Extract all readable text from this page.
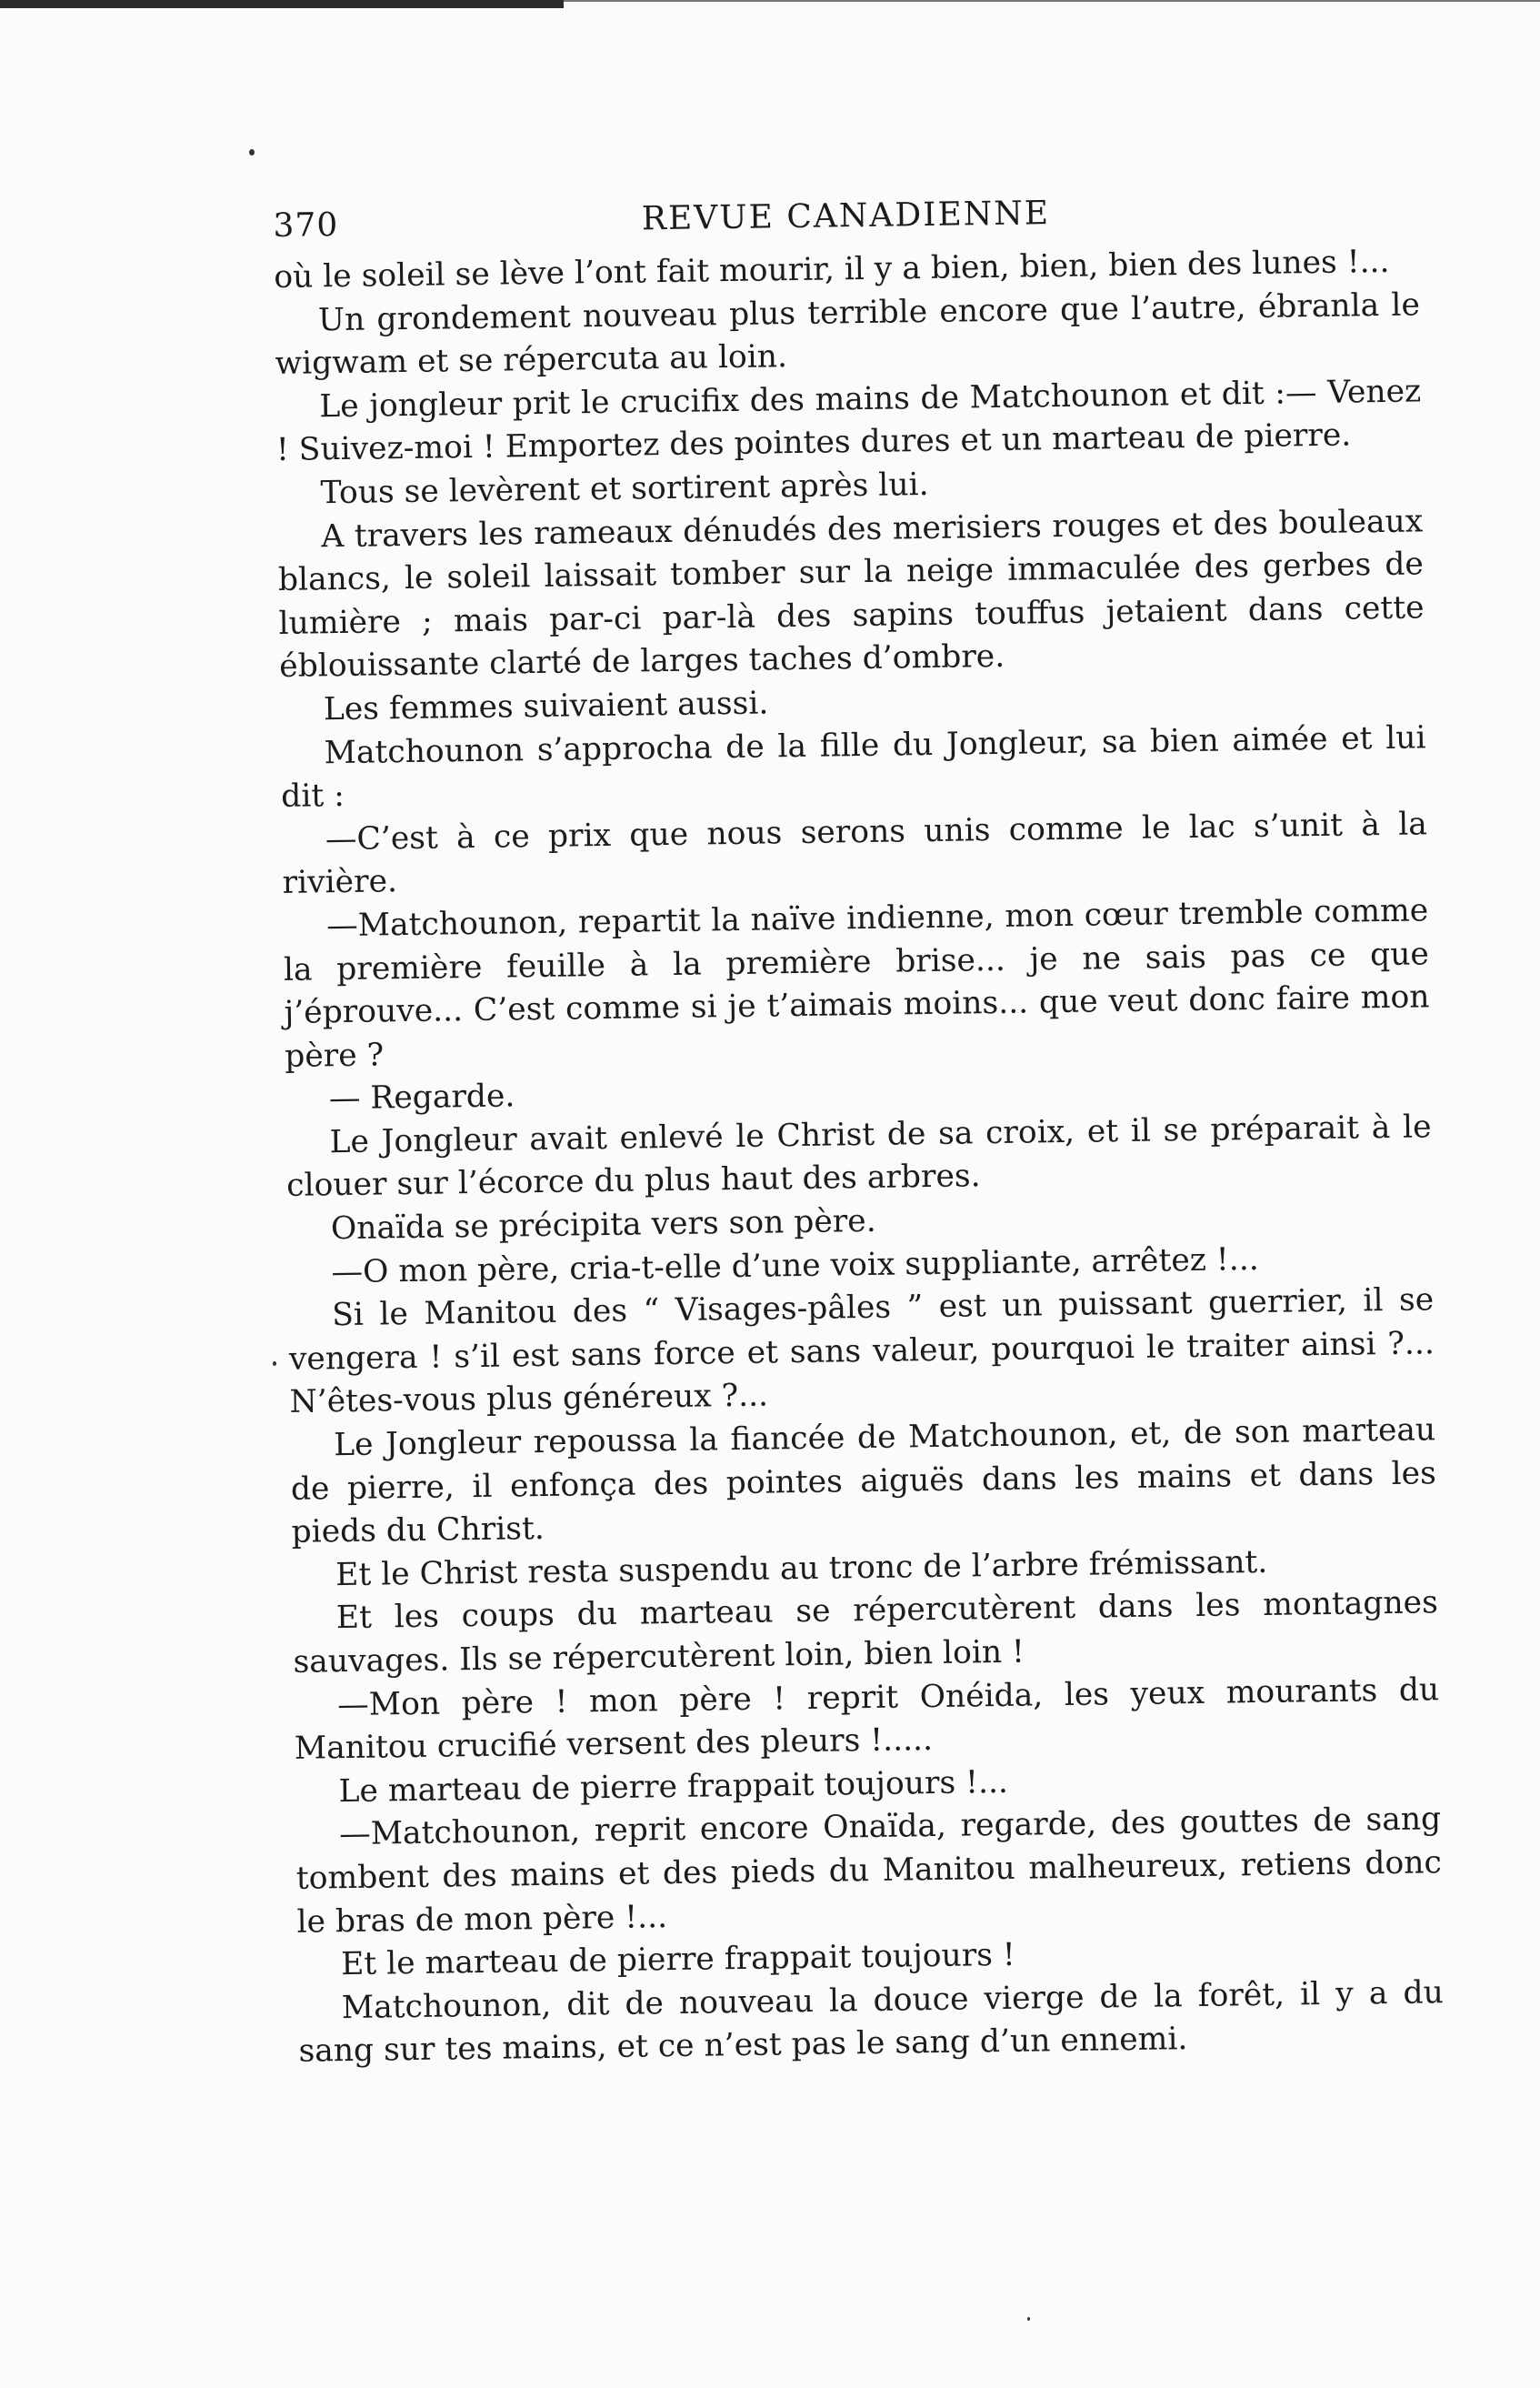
370	REVUE CANADIENNE

où le soleil se lève l’ont fait mourir, il y a bien, bien, bien des lunes !...

Un grondement nouveau plus terrible encore que l’autre, ébranla le wigwam et se répercuta au loin.

Le jongleur prit le crucifix des mains de Matchounon et dit :— Venez ! Suivez-moi ! Emportez des pointes dures et un marteau de pierre.

Tous se levèrent et sortirent après lui.

A travers les rameaux dénudés des merisiers rouges et des bouleaux blancs, le soleil laissait tomber sur la neige immaculée des gerbes de lumière ; mais par-ci par-là des sapins touffus jetaient dans cette éblouissante clarté de larges taches d’ombre.

Les femmes suivaient aussi.

Matchounon s’approcha de la fille du Jongleur, sa bien aimée et lui dit :

—C’est à ce prix que nous serons unis comme le lac s’unit à la rivière.

—Matchounon, repartit la naïve indienne, mon cœur tremble comme la première feuille à la première brise... je ne sais pas ce que j’éprouve... C’est comme si je t’aimais moins... que veut donc faire mon père ?

— Regarde.

Le Jongleur avait enlevé le Christ de sa croix, et il se préparait à le clouer sur l’écorce du plus haut des arbres.

Onaïda se précipita vers son père.

—O mon père, cria-t-elle d’une voix suppliante, arrêtez !...

Si le Manitou des “ Visages-pâles ” est un puissant guerrier, il se vengera ! s’il est sans force et sans valeur, pourquoi le traiter ainsi ?... N’êtes-vous plus généreux ?...

Le Jongleur repoussa la fiancée de Matchounon, et, de son marteau de pierre, il enfonça des pointes aiguës dans les mains et dans les pieds du Christ.

Et le Christ resta suspendu au tronc de l’arbre frémissant.

Et les coups du marteau se répercutèrent dans les montagnes sauvages. Ils se répercutèrent loin, bien loin !

—Mon père ! mon père ! reprit Onéida, les yeux mourants du Manitou crucifié versent des pleurs !.....

Le marteau de pierre frappait toujours !...

—Matchounon, reprit encore Onaïda, regarde, des gouttes de sang tombent des mains et des pieds du Manitou malheureux, retiens donc le bras de mon père !...

Et le marteau de pierre frappait toujours !

Matchounon, dit de nouveau la douce vierge de la forêt, il y a du sang sur tes mains, et ce n’est pas le sang d’un ennemi.
